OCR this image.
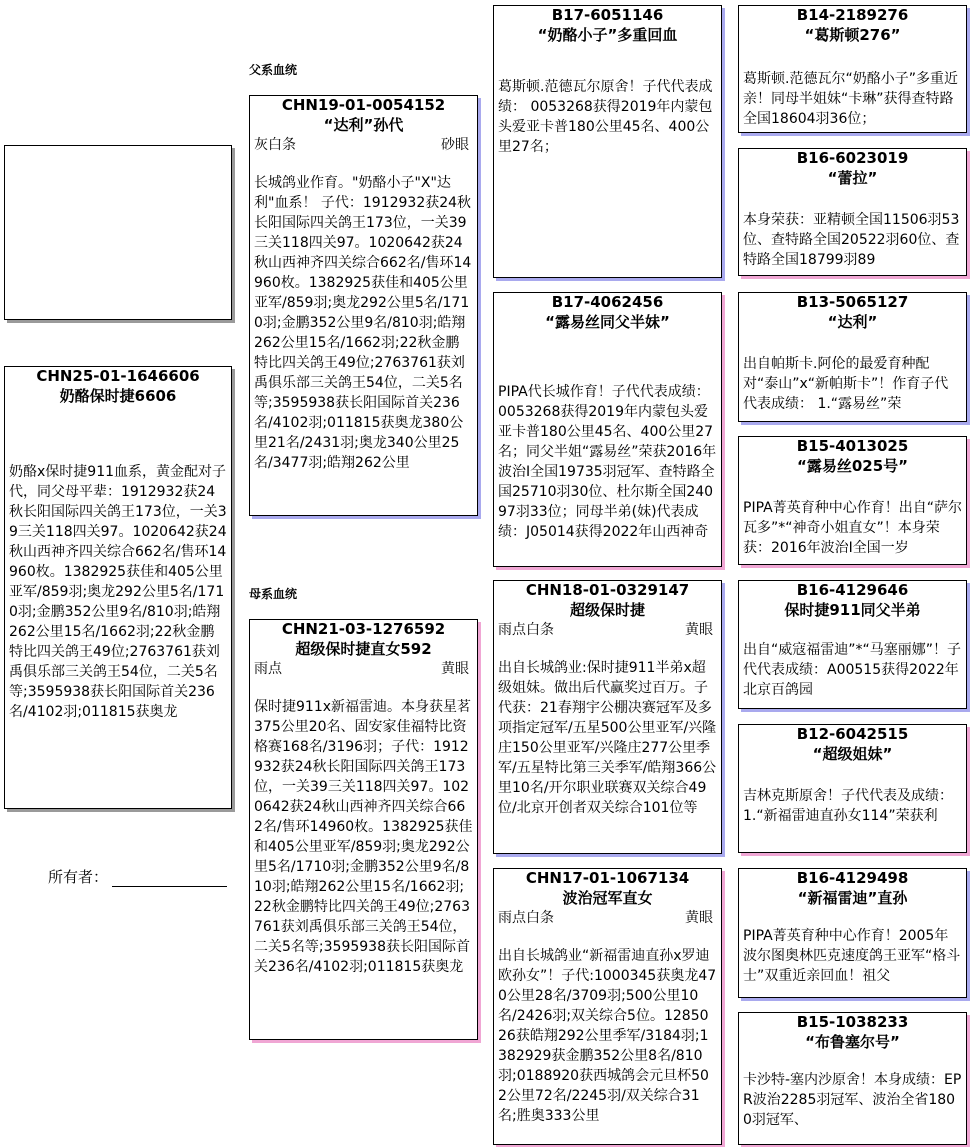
父系血统
母系血统
CHN25-01-1646606
奶酪保时捷6606
奶酪x保时捷911血系，黄金配对子代，同父母平辈：1912932获24秋长阳国际四关鸽王173位，一关39三关118四关97。1020642获24秋山西神齐四关综合662名/售环14960枚。1382925获佳和405公里亚军/859羽;奥龙292公里5名/1710羽;金鹏352公里9名/810羽;皓翔262公里15名/1662羽;22秋金鹏特比四关鸽王49位;2763761获刘禹俱乐部三关鸽王54位，二关5名等;3595938获长阳国际首关236名/4102羽;011815获奥龙
所有者：
CHN19-01-0054152
“达利”孙代
灰白条	砂眼
长城鸽业作育。"奶酪小子"X"达利"血系！ 子代：1912932获24秋长阳国际四关鸽王173位，一关39三关118四关97。1020642获24秋山西神齐四关综合662名/售环14960枚。1382925获佳和405公里亚军/859羽;奥龙292公里5名/1710羽;金鹏352公里9名/810羽;皓翔262公里15名/1662羽;22秋金鹏特比四关鸽王49位;2763761获刘禹俱乐部三关鸽王54位，二关5名等;3595938获长阳国际首关236名/4102羽;011815获奥龙380公里21名/2431羽;奥龙340公里25名/3477羽;皓翔262公里
CHN21-03-1276592
超级保时捷直女592
雨点	黄眼
保时捷911x新福雷迪。本身获星茗375公里20名、固安家佳福特比资格赛168名/3196羽；子代：1912932获24秋长阳国际四关鸽王173位，一关39三关118四关97。1020642获24秋山西神齐四关综合662名/售环14960枚。1382925获佳和405公里亚军/859羽;奥龙292公里5名/1710羽;金鹏352公里9名/810羽;皓翔262公里15名/1662羽;22秋金鹏特比四关鸽王49位;2763761获刘禹俱乐部三关鸽王54位，二关5名等;3595938获长阳国际首关236名/4102羽;011815获奥龙
B17-6051146
“奶酪小子”多重回血
葛斯顿.范德瓦尔原舍！子代代表成绩： 0053268获得2019年内蒙包头爱亚卡普180公里45名、400公里27名；
B17-4062456
“露易丝同父半妹”
PIPA代长城作育！子代代表成绩： 0053268获得2019年内蒙包头爱亚卡普180公里45名、400公里27名；同父半姐“露易丝”荣获2016年波治I全国19735羽冠军、查特路全国25710羽30位、杜尔斯全国24097羽33位；同母半弟(妹)代表成绩：J05014获得2022年山西神奇
CHN18-01-0329147
超级保时捷
雨点白条	黄眼
出自长城鸽业:保时捷911半弟x超级姐妹。做出后代赢奖过百万。子代获：21春翔宇公棚决赛冠军及多项指定冠军/五星500公里亚军/兴隆庄150公里亚军/兴隆庄277公里季军/五星特比第三关季军/皓翔366公里10名/开尔职业联赛双关综合49位/北京开创者双关综合101位等
CHN17-01-1067134
波治冠军直女
雨点白条	黄眼
出自长城鸽业“新福雷迪直孙x罗迪欧孙女”！子代:1000345获奥龙470公里28名/3709羽;500公里10名/2426羽;双关综合5位。1285026获皓翔292公里季军/3184羽;1382929获金鹏352公里8名/810羽;0188920获西城鸽会元旦杯502公里72名/2245羽/双关综合31名;胜奥333公里
B14-2189276
“葛斯顿276”
葛斯顿.范德瓦尔“奶酪小子”多重近亲！同母半姐妹“卡琳”获得查特路全国18604羽36位；
B16-6023019
“蕾拉”
本身荣获：亚精顿全国11506羽53位、查特路全国20522羽60位、查特路全国18799羽89
B13-5065127
“达利”
出自帕斯卡.阿伦的最爱育种配对“泰山”x“新帕斯卡”！作育子代代表成绩： 1.“露易丝”荣
B15-4013025
“露易丝025号”
PIPA菁英育种中心作育！出自“萨尔瓦多”*“神奇小姐直女”！本身荣获：2016年波治I全国一岁
B16-4129646
保时捷911同父半弟
出自“威寇福雷迪”*“马塞丽娜”！子代代表成绩：A00515获得2022年北京百鸽园
B12-6042515
“超级姐妹”
吉林克斯原舍！子代代表及成绩：1.“新福雷迪直孙女114”荣获利
B16-4129498
“新福雷迪”直孙
PIPA菁英育种中心作育！2005年波尔图奥林匹克速度鸽王亚军“格斗士”双重近亲回血！祖父
B15-1038233
“布鲁塞尔号”
卡沙特-塞内沙原舍！本身成绩：EPR波治2285羽冠军、波治全省1800羽冠军、
